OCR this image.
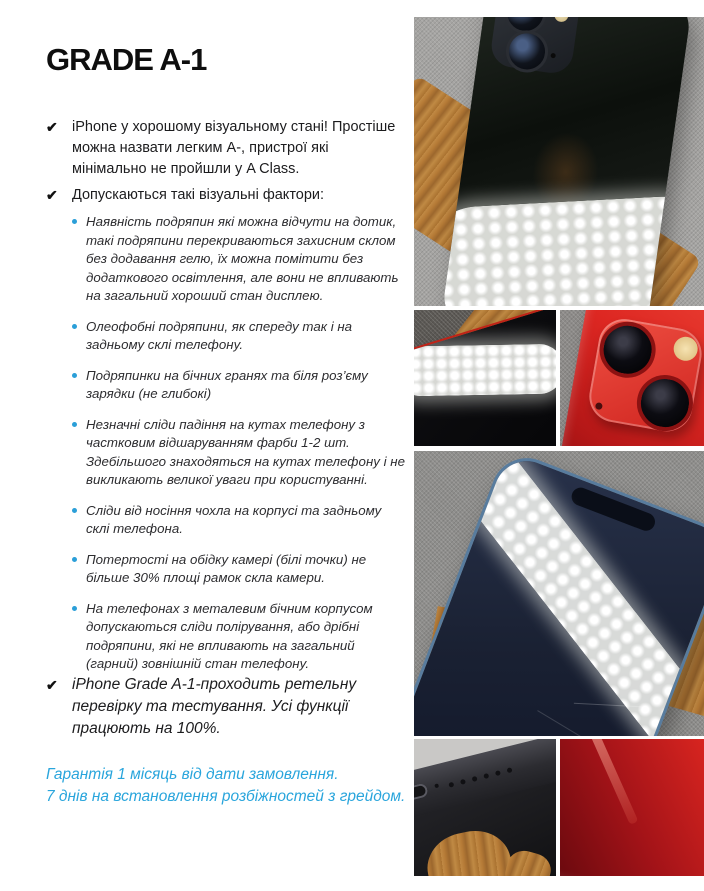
GRADE A-1
✔ iPhone у хорошому візуальному стані! Простіше можна назвати легким А-, пристрої які мінімально не пройшли у A Class.
✔ Допускаються такі візуальні фактори:
Наявність подряпин які можна відчути на дотик, такі подряпини перекриваються захисним склом без додавання гелю, їх можна помітити без додаткового освітлення, але вони не впливають на загальний хороший стан дисплею.
Олеофобні подряпини, як спереду так і на задньому склі телефону.
Подряпинки на бічних гранях та біля роз’єму зарядки (не глибокі)
Незначні сліди падіння на кутах телефону з частковим відшаруванням фарби 1-2 шт. Здебільшого знаходяться на кутах телефону і не викликають великої уваги при користуванні.
Сліди від носіння чохла на корпусі та задньому склі телефона.
Потертості на обідку камері (білі точки) не більше 30% площі рамок скла камери.
На телефонах з металевим бічним корпусом допускаються сліди полірування, або дрібні подряпини, які не впливають на загальний (гарний) зовнішній стан телефону.
✔ iPhone Grade A-1-проходить ретельну перевірку та тестування. Усі функції працюють на 100%.
Гарантія 1 місяць від дати замовлення.
7 днів на встановлення розбіжностей з грейдом.
